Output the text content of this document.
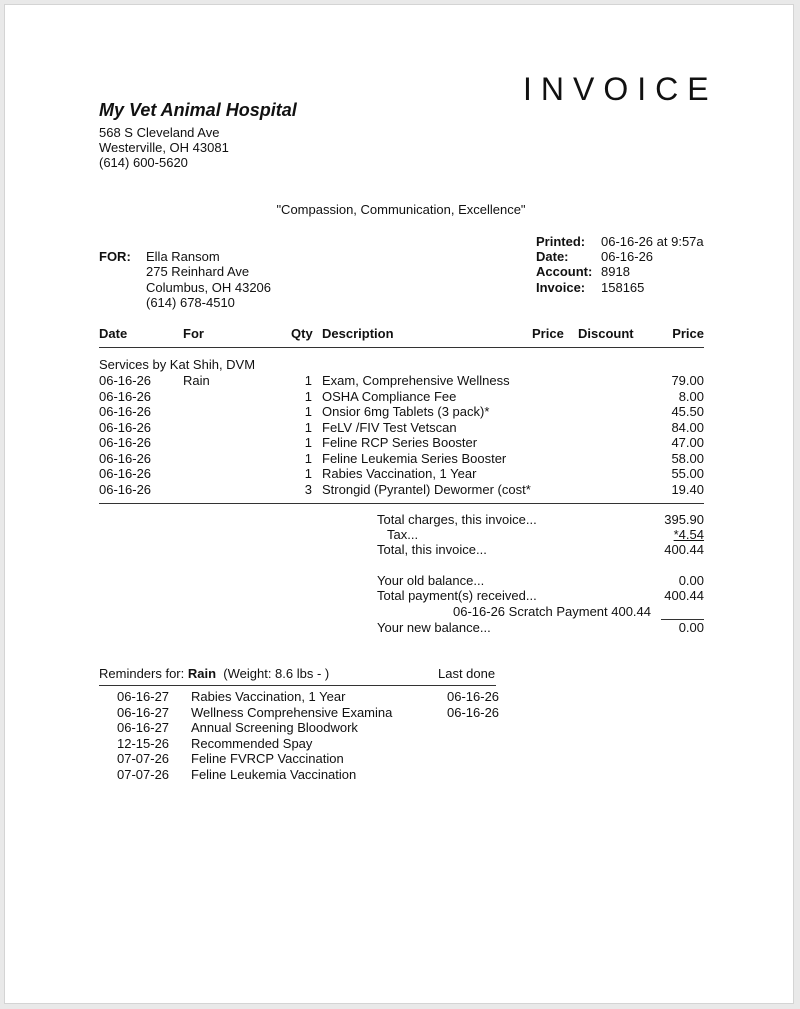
INVOICE
My Vet Animal Hospital
568 S Cleveland Ave
Westerville, OH 43081
(614) 600-5620
"Compassion, Communication, Excellence"
FOR: Ella Ransom
275 Reinhard Ave
Columbus, OH 43206
(614) 678-4510
Printed: 06-16-26 at 9:57a
Date: 06-16-26
Account: 8918
Invoice: 158165
Date	For	Qty Description	Price Discount	Price
Services by Kat Shih, DVM
06-16-26 Rain	1 Exam, Comprehensive Wellness	79.00
06-16-26	1 OSHA Compliance Fee	8.00
06-16-26	1 Onsior 6mg Tablets (3 pack)*	45.50
06-16-26	1 FeLV /FIV Test Vetscan	84.00
06-16-26	1 Feline RCP Series Booster	47.00
06-16-26	1 Feline Leukemia Series Booster	58.00
06-16-26	1 Rabies Vaccination, 1 Year	55.00
06-16-26	3 Strongid (Pyrantel) Dewormer (cost*	19.40
Total charges, this invoice...	395.90
Tax...	*4.54
Total, this invoice...	400.44
Your old balance...	0.00
Total payment(s) received...	400.44
06-16-26 Scratch Payment 400.44
Your new balance...	0.00
Reminders for: Rain (Weight: 8.6 lbs - )	Last done
06-16-27 Rabies Vaccination, 1 Year	06-16-26
06-16-27 Wellness Comprehensive Examina	06-16-26
06-16-27 Annual Screening Bloodwork
12-15-26 Recommended Spay
07-07-26 Feline FVRCP Vaccination
07-07-26 Feline Leukemia Vaccination
